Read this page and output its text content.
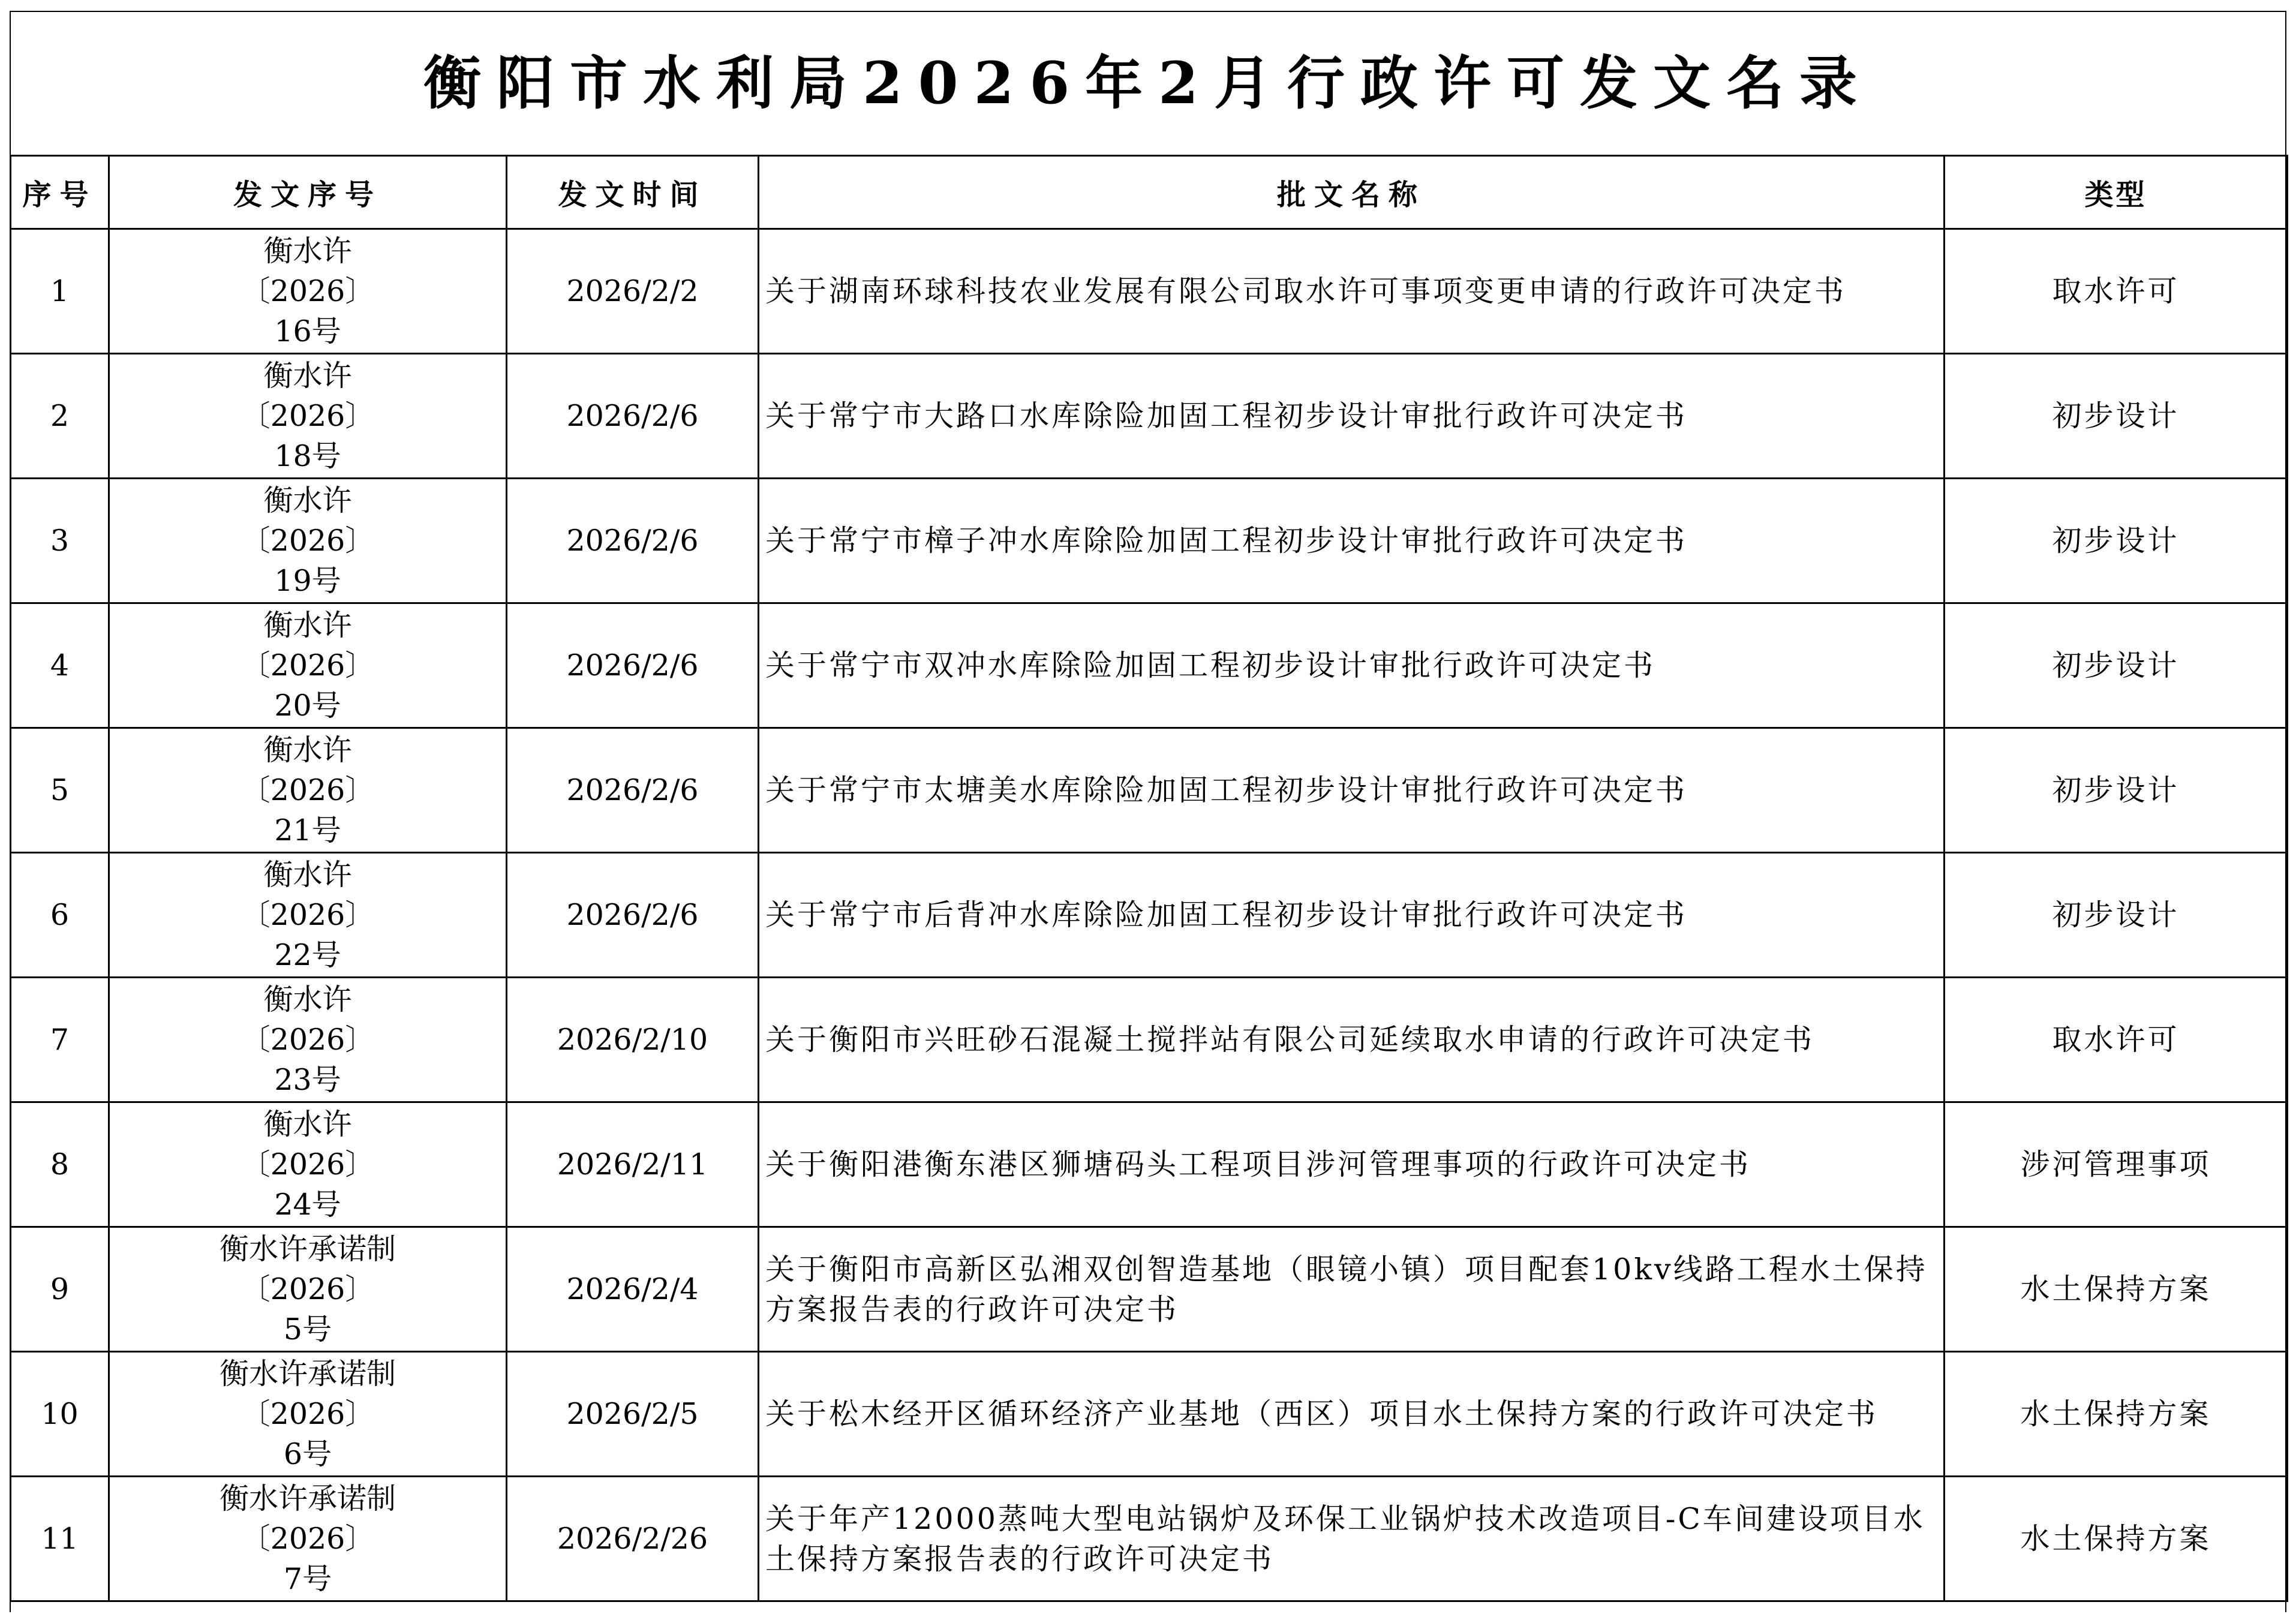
衡阳市水利局2026年2月行政许可发文名录
序号	发文序号	发文时间	批文名称	类型
1	衡水许
〔2026〕
16号	2026/2/2	关于湖南环球科技农业发展有限公司取水许可事项变更申请的行政许可决定书	取水许可
2	衡水许
〔2026〕
18号	2026/2/6	关于常宁市大路口水库除险加固工程初步设计审批行政许可决定书	初步设计
3	衡水许
〔2026〕
19号	2026/2/6	关于常宁市樟子冲水库除险加固工程初步设计审批行政许可决定书	初步设计
4	衡水许
〔2026〕
20号	2026/2/6	关于常宁市双冲水库除险加固工程初步设计审批行政许可决定书	初步设计
5	衡水许
〔2026〕
21号	2026/2/6	关于常宁市太塘美水库除险加固工程初步设计审批行政许可决定书	初步设计
6	衡水许
〔2026〕
22号	2026/2/6	关于常宁市后背冲水库除险加固工程初步设计审批行政许可决定书	初步设计
7	衡水许
〔2026〕
23号	2026/2/10	关于衡阳市兴旺砂石混凝土搅拌站有限公司延续取水申请的行政许可决定书	取水许可
8	衡水许
〔2026〕
24号	2026/2/11	关于衡阳港衡东港区狮塘码头工程项目涉河管理事项的行政许可决定书	涉河管理事项
9	衡水许承诺制
〔2026〕
5号	2026/2/4	关于衡阳市高新区弘湘双创智造基地（眼镜小镇）项目配套10kv线路工程水土保持方案报告表的行政许可决定书	水土保持方案
10	衡水许承诺制
〔2026〕
6号	2026/2/5	关于松木经开区循环经济产业基地（西区）项目水土保持方案的行政许可决定书	水土保持方案
11	衡水许承诺制
〔2026〕
7号	2026/2/26	关于年产12000蒸吨大型电站锅炉及环保工业锅炉技术改造项目-C车间建设项目水土保持方案报告表的行政许可决定书	水土保持方案
